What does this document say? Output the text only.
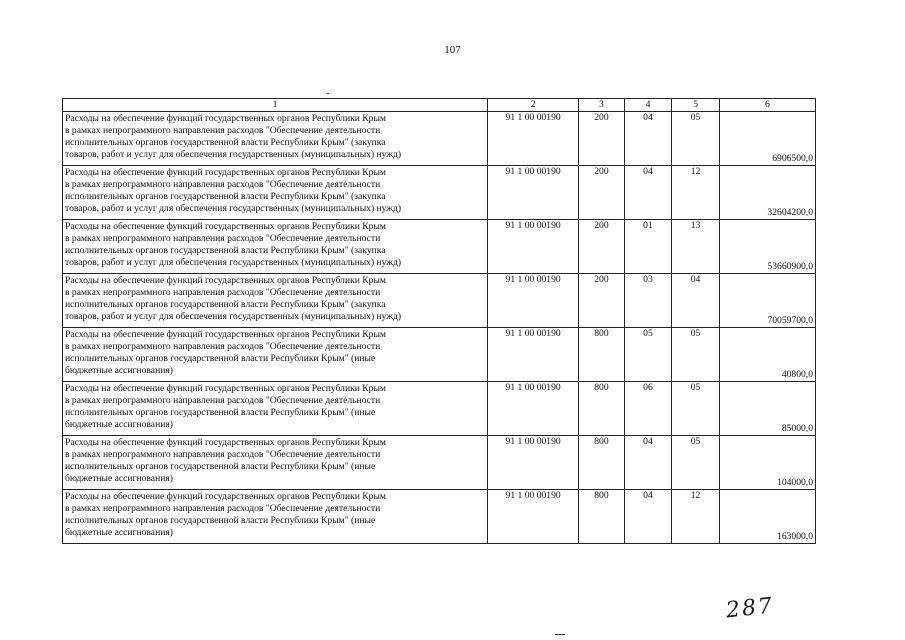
107
1	2	3	4	5	6
Расходы на обеспечение функций государственных органов Республики Крым
в рамках непрограммного направления расходов "Обеспечение деятельности
исполнительных органов государственной власти Республики Крым" (закупка
товаров, работ и услуг для обеспечения государственных (муниципальных) нужд)	91 1 00 00190	200	04	05	6906500,0
Расходы на обеспечение функций государственных органов Республики Крым
в рамках непрограммного направления расходов "Обеспечение деятельности
исполнительных органов государственной власти Республики Крым" (закупка
товаров, работ и услуг для обеспечения государственных (муниципальных) нужд)	91 1 00 00190	200	04	12	32604200,0
Расходы на обеспечение функций государственных органов Республики Крым
в рамках непрограммного направления расходов "Обеспечение деятельности
исполнительных органов государственной власти Республики Крым" (закупка
товаров, работ и услуг для обеспечения государственных (муниципальных) нужд)	91 1 00 00190	200	01	13	53660900,0
Расходы на обеспечение функций государственных органов Республики Крым
в рамках непрограммного направления расходов "Обеспечение деятельности
исполнительных органов государственной власти Республики Крым" (закупка
товаров, работ и услуг для обеспечения государственных (муниципальных) нужд)	91 1 00 00190	200	03	04	70059700,0
Расходы на обеспечение функций государственных органов Республики Крым
в рамках непрограммного направления расходов "Обеспечение деятельности
исполнительных органов государственной власти Республики Крым" (иные
бюджетные ассигнования)	91 1 00 00190	800	05	05	40800,0
Расходы на обеспечение функций государственных органов Республики Крым
в рамках непрограммного направления расходов "Обеспечение деятельности
исполнительных органов государственной власти Республики Крым" (иные
бюджетные ассигнования)	91 1 00 00190	800	06	05	85000,0
Расходы на обеспечение функций государственных органов Республики Крым
в рамках непрограммного направления расходов "Обеспечение деятельности
исполнительных органов государственной власти Республики Крым" (иные
бюджетные ассигнования)	91 1 00 00190	800	04	05	104000,0
Расходы на обеспечение функций государственных органов Республики Крым
в рамках непрограммного направления расходов "Обеспечение деятельности
исполнительных органов государственной власти Республики Крым" (иные
бюджетные ассигнования)	91 1 00 00190	800	04	12	163000,0
287
